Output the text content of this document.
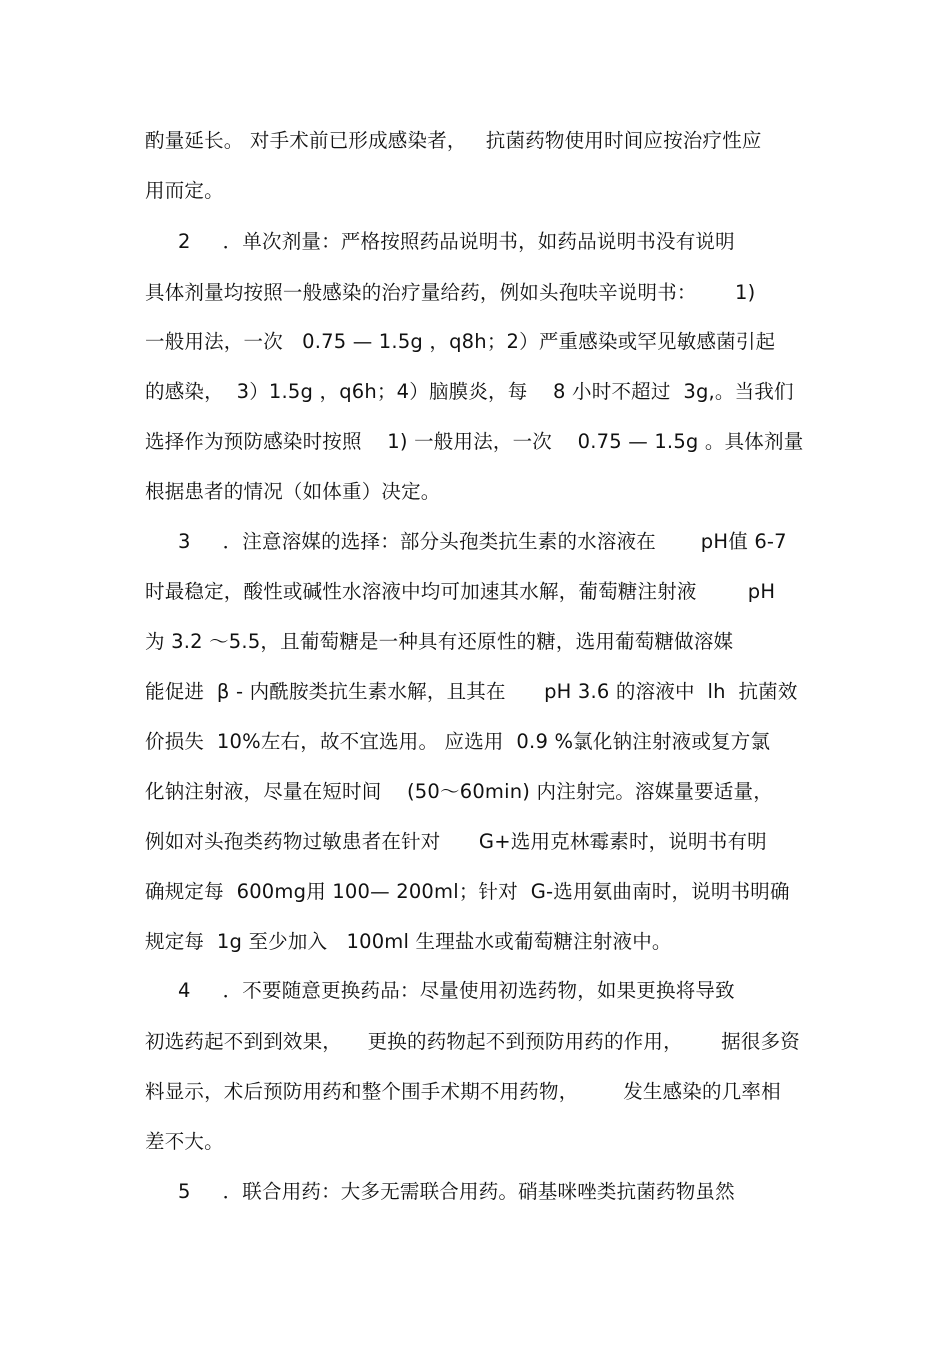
酌量延长。 对手术前已形成感染者，   抗菌药物使用时间应按治疗性应
用而定。
2     ．单次剂量：严格按照药品说明书，如药品说明书没有说明
具体剂量均按照一般感染的治疗量给药，例如头孢呋辛说明书：      1)
一般用法，一次   0.75 — 1.5g ，q8h；2）严重感染或罕见敏感菌引起
的感染，  3）1.5g ，q6h；4）脑膜炎，每    8 小时不超过  3g,。当我们
选择作为预防感染时按照    1) 一般用法，一次    0.75 — 1.5g 。具体剂量
根据患者的情况（如体重）决定。
3     ．注意溶媒的选择：部分头孢类抗生素的水溶液在       pH值 6-7
时最稳定，酸性或碱性水溶液中均可加速其水解，葡萄糖注射液        pH
为 3.2 ～5.5，且葡萄糖是一种具有还原性的糖，选用葡萄糖做溶媒
能促进  β - 内酰胺类抗生素水解，且其在      pH 3.6 的溶液中  lh  抗菌效
价损失  10%左右，故不宜选用。 应选用  0.9 %氯化钠注射液或复方氯
化钠注射液，尽量在短时间    (50～60min) 内注射完。溶媒量要适量，
例如对头孢类药物过敏患者在针对      G+选用克林霉素时，说明书有明
确规定每  600mg用 100— 200ml；针对  G-选用氨曲南时，说明书明确
规定每  1g 至少加入   100ml 生理盐水或葡萄糖注射液中。
4     ．不要随意更换药品：尽量使用初选药物，如果更换将导致
初选药起不到到效果，    更换的药物起不到预防用药的作用，      据很多资
料显示，术后预防用药和整个围手术期不用药物，       发生感染的几率相
差不大。
5     ．联合用药：大多无需联合用药。硝基咪唑类抗菌药物虽然
